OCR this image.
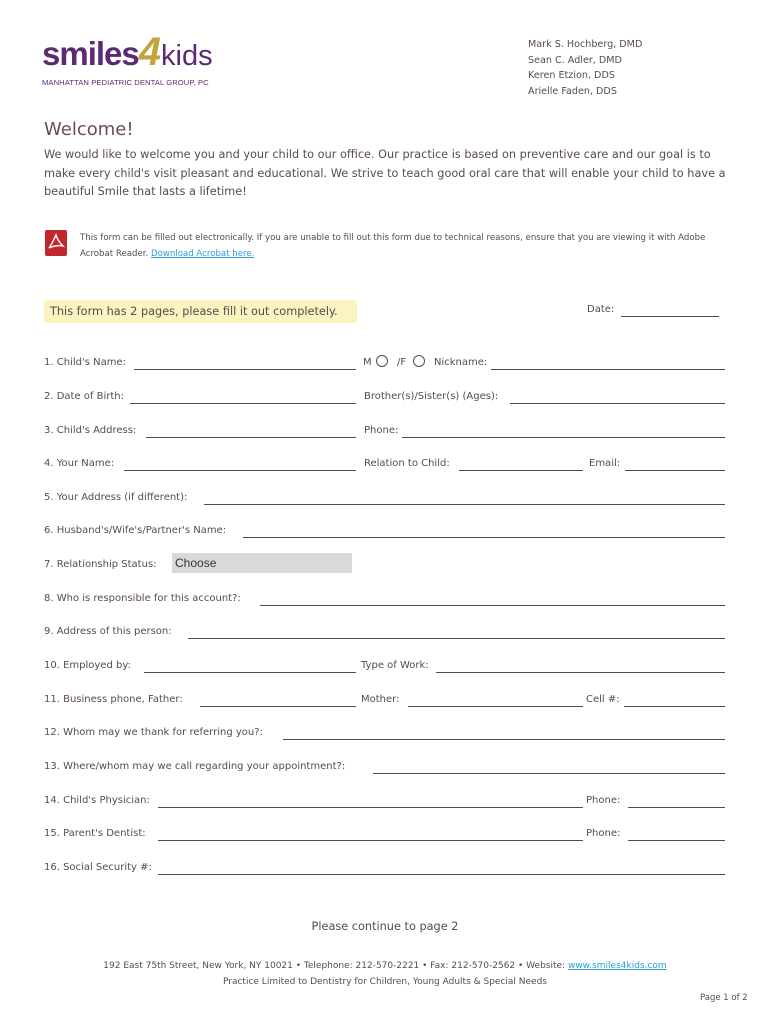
smiles4kids
MANHATTAN PEDIATRIC DENTAL GROUP, PC
Mark S. Hochberg, DMD
Sean C. Adler, DMD
Keren Etzion, DDS
Arielle Faden, DDS
Welcome!
We would like to welcome you and your child to our office. Our practice is based on preventive care and our goal is to make every child's visit pleasant and educational. We strive to teach good oral care that will enable your child to have a beautiful Smile that lasts a lifetime!
This form can be filled out electronically. If you are unable to fill out this form due to technical reasons, ensure that you are viewing it with Adobe Acrobat Reader. Download Acrobat here.
This form has 2 pages, please fill it out completely.	Date:
1. Child's Name:	M	/F	Nickname:
2. Date of Birth:	Brother(s)/Sister(s) (Ages):
3. Child's Address:	Phone:
4. Your Name:	Relation to Child:	Email:
5. Your Address (if different):
6. Husband's/Wife's/Partner's Name:
7. Relationship Status: Choose
8. Who is responsible for this account?:
9. Address of this person:
10. Employed by:	Type of Work:
11. Business phone, Father:	Mother:	Cell #:
12. Whom may we thank for referring you?:
13. Where/whom may we call regarding your appointment?:
14. Child's Physician:	Phone:
15. Parent's Dentist:	Phone:
16. Social Security #:
Please continue to page 2
192 East 75th Street, New York, NY 10021 • Telephone: 212-570-2221 • Fax: 212-570-2562 • Website: www.smiles4kids.com
Practice Limited to Dentistry for Children, Young Adults & Special Needs
Page 1 of 2
